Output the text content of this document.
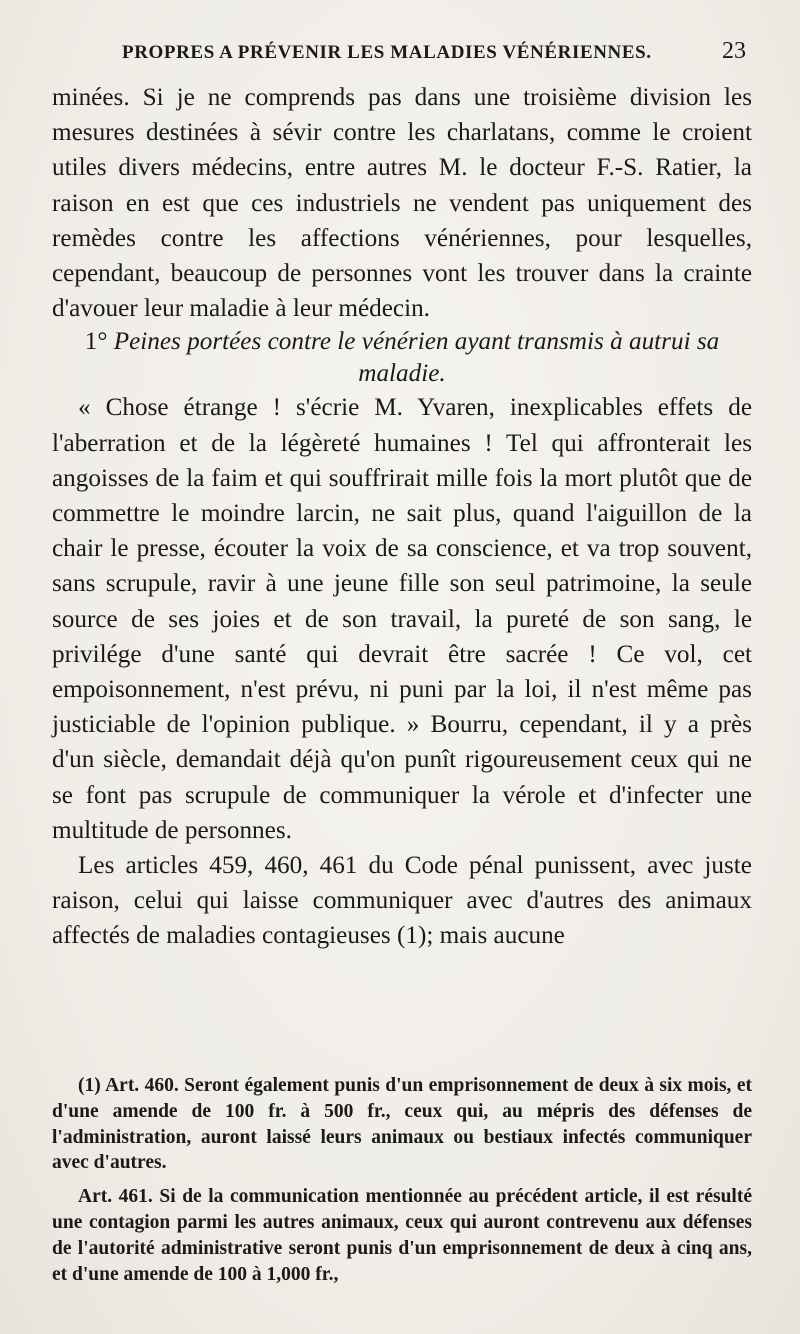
PROPRES A PRÉVENIR LES MALADIES VÉNÉRIENNES.	23

minées. Si je ne comprends pas dans une troisième division les mesures destinées à sévir contre les charlatans, comme le croient utiles divers médecins, entre autres M. le docteur F.-S. Ratier, la raison en est que ces industriels ne vendent pas uniquement des remèdes contre les affections vénériennes, pour lesquelles, cependant, beaucoup de personnes vont les trouver dans la crainte d'avouer leur maladie à leur médecin.

1° Peines portées contre le vénérien ayant transmis à autrui sa maladie.

« Chose étrange ! s'écrie M. Yvaren, inexplicables effets de l'aberration et de la légèreté humaines ! Tel qui affronterait les angoisses de la faim et qui souffrirait mille fois la mort plutôt que de commettre le moindre larcin, ne sait plus, quand l'aiguillon de la chair le presse, écouter la voix de sa conscience, et va trop souvent, sans scrupule, ravir à une jeune fille son seul patrimoine, la seule source de ses joies et de son travail, la pureté de son sang, le privilége d'une santé qui devrait être sacrée ! Ce vol, cet empoisonnement, n'est prévu, ni puni par la loi, il n'est même pas justiciable de l'opinion publique. » Bourru, cependant, il y a près d'un siècle, demandait déjà qu'on punît rigoureusement ceux qui ne se font pas scrupule de communiquer la vérole et d'infecter une multitude de personnes.

Les articles 459, 460, 461 du Code pénal punissent, avec juste raison, celui qui laisse communiquer avec d'autres des animaux affectés de maladies contagieuses (1); mais aucune

(1) Art. 460. Seront également punis d'un emprisonnement de deux à six mois, et d'une amende de 100 fr. à 500 fr., ceux qui, au mépris des défenses de l'administration, auront laissé leurs animaux ou bestiaux infectés communiquer avec d'autres.

Art. 461. Si de la communication mentionnée au précédent article, il est résulté une contagion parmi les autres animaux, ceux qui auront contrevenu aux défenses de l'autorité administrative seront punis d'un emprisonnement de deux à cinq ans, et d'une amende de 100 à 1,000 fr.,
